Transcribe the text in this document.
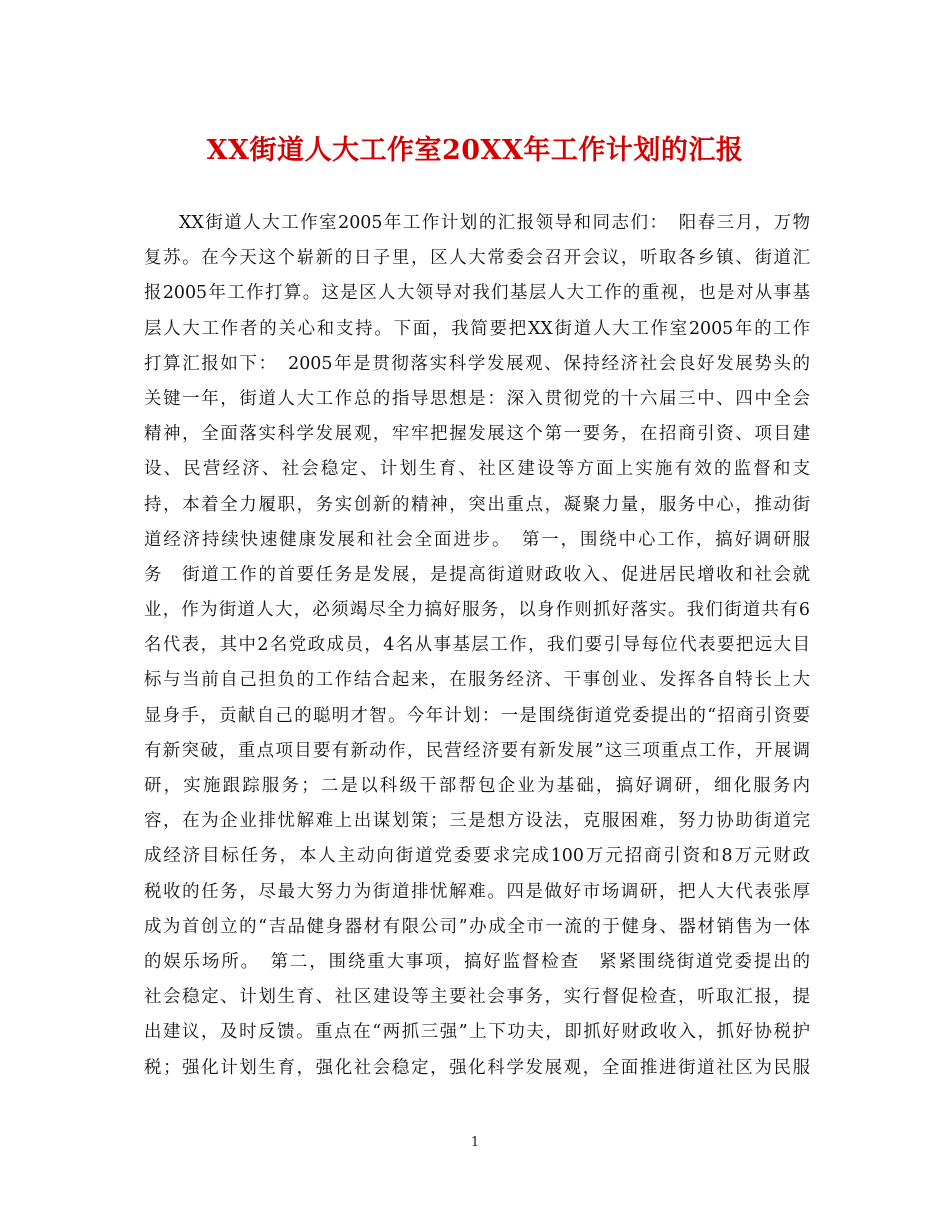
XX街道人大工作室20XX年工作计划的汇报
XX街道人大工作室2005年工作计划的汇报领导和同志们：　阳春三月，万物
复苏。在今天这个崭新的日子里，区人大常委会召开会议，听取各乡镇、街道汇
报2005年工作打算。这是区人大领导对我们基层人大工作的重视，也是对从事基
层人大工作者的关心和支持。下面，我简要把XX街道人大工作室2005年的工作
打算汇报如下：　2005年是贯彻落实科学发展观、保持经济社会良好发展势头的
关键一年，街道人大工作总的指导思想是：深入贯彻党的十六届三中、四中全会
精神，全面落实科学发展观，牢牢把握发展这个第一要务，在招商引资、项目建
设、民营经济、社会稳定、计划生育、社区建设等方面上实施有效的监督和支
持，本着全力履职，务实创新的精神，突出重点，凝聚力量，服务中心，推动街
道经济持续快速健康发展和社会全面进步。　第一，围绕中心工作，搞好调研服
务　街道工作的首要任务是发展，是提高街道财政收入、促进居民增收和社会就
业，作为街道人大，必须竭尽全力搞好服务，以身作则抓好落实。我们街道共有6
名代表，其中2名党政成员，4名从事基层工作，我们要引导每位代表要把远大目
标与当前自己担负的工作结合起来，在服务经济、干事创业、发挥各自特长上大
显身手，贡献自己的聪明才智。今年计划：一是围绕街道党委提出的“招商引资要
有新突破，重点项目要有新动作，民营经济要有新发展”这三项重点工作，开展调
研，实施跟踪服务；二是以科级干部帮包企业为基础，搞好调研，细化服务内
容，在为企业排忧解难上出谋划策；三是想方设法，克服困难，努力协助街道完
成经济目标任务，本人主动向街道党委要求完成100万元招商引资和8万元财政
税收的任务，尽最大努力为街道排忧解难。四是做好市场调研，把人大代表张厚
成为首创立的“吉品健身器材有限公司”办成全市一流的于健身、器材销售为一体
的娱乐场所。　第二，围绕重大事项，搞好监督检查　紧紧围绕街道党委提出的
社会稳定、计划生育、社区建设等主要社会事务，实行督促检查，听取汇报，提
出建议，及时反馈。重点在“两抓三强”上下功夫，即抓好财政收入，抓好协税护
税；强化计划生育，强化社会稳定，强化科学发展观，全面推进街道社区为民服
1
